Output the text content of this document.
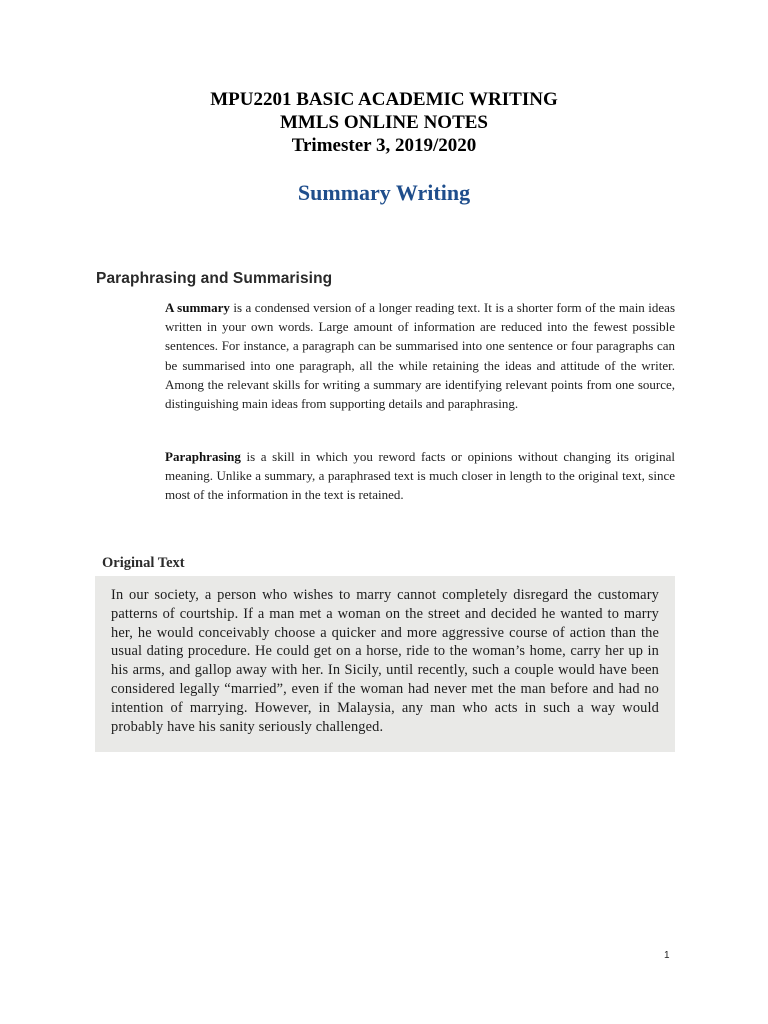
MPU2201 BASIC ACADEMIC WRITING
MMLS ONLINE NOTES
Trimester 3, 2019/2020
Summary Writing
Paraphrasing and Summarising
A summary is a condensed version of a longer reading text. It is a shorter form of the main ideas written in your own words. Large amount of information are reduced into the fewest possible sentences. For instance, a paragraph can be summarised into one sentence or four paragraphs can be summarised into one paragraph, all the while retaining the ideas and attitude of the writer. Among the relevant skills for writing a summary are identifying relevant points from one source, distinguishing main ideas from supporting details and paraphrasing.
Paraphrasing is a skill in which you reword facts or opinions without changing its original meaning. Unlike a summary, a paraphrased text is much closer in length to the original text, since most of the information in the text is retained.
Original Text
In our society, a person who wishes to marry cannot completely disregard the customary patterns of courtship. If a man met a woman on the street and decided he wanted to marry her, he would conceivably choose a quicker and more aggressive course of action than the usual dating procedure. He could get on a horse, ride to the woman’s home, carry her up in his arms, and gallop away with her. In Sicily, until recently, such a couple would have been considered legally “married”, even if the woman had never met the man before and had no intention of marrying. However, in Malaysia, any man who acts in such a way would probably have his sanity seriously challenged.
1
